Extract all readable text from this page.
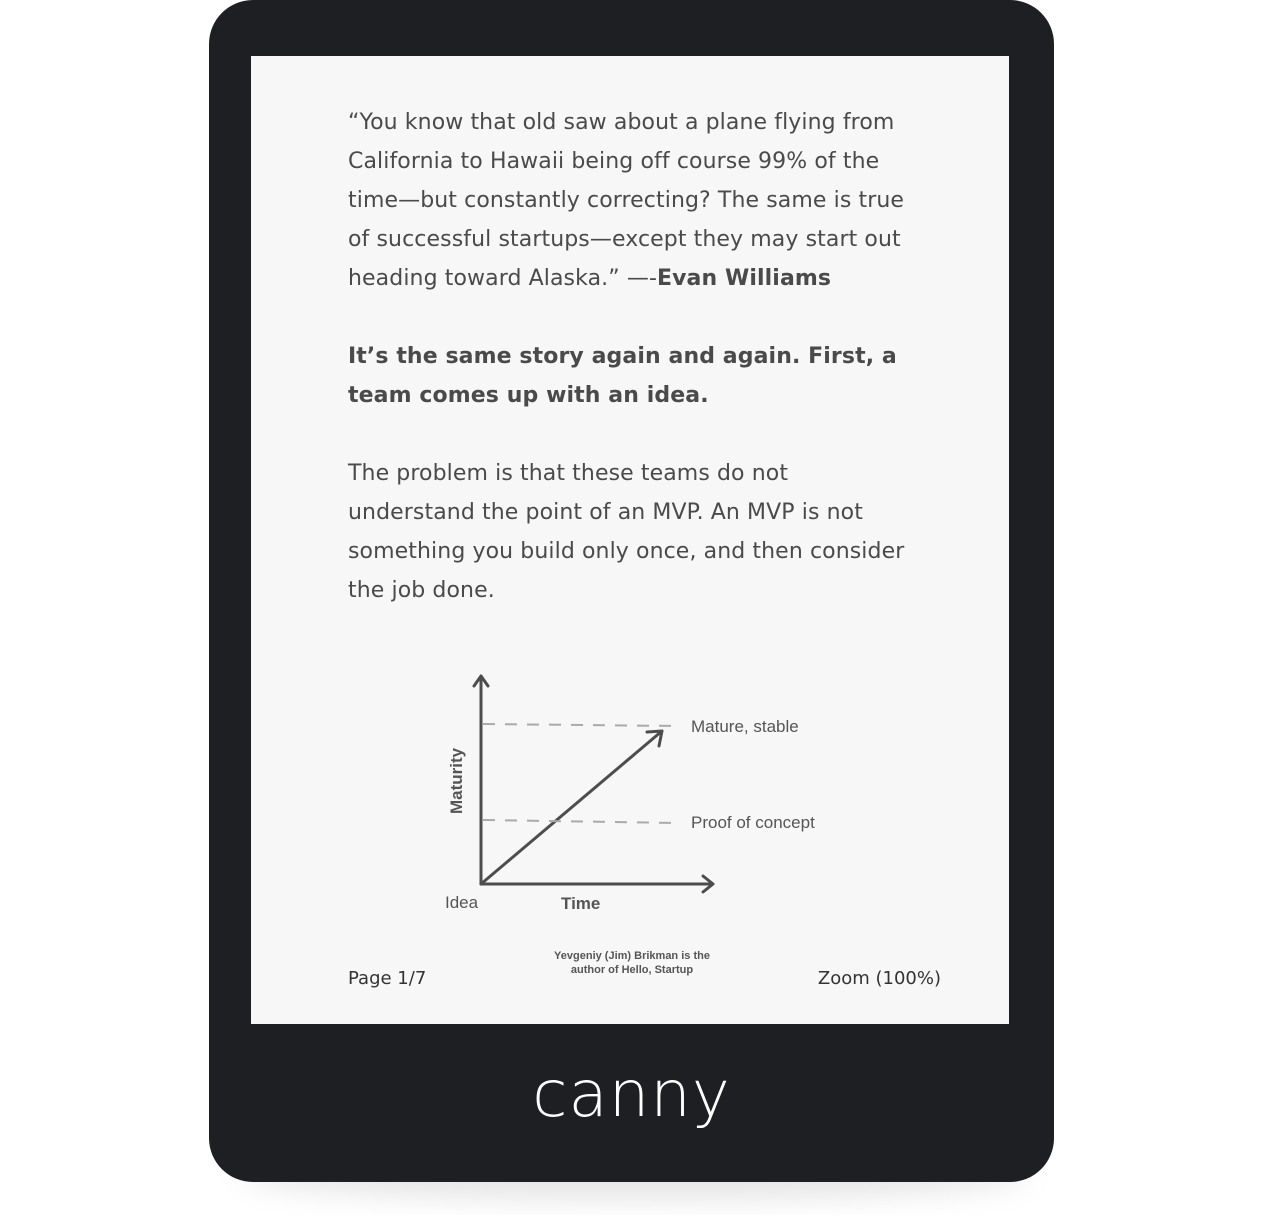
“You know that old saw about a plane flying from California to Hawaii being off course 99% of the time—but constantly correcting? The same is true of successful startups—except they may start out heading toward Alaska.” —-Evan Williams

It’s the same story again and again. First, a team comes up with an idea.

The problem is that these teams do not understand the point of an MVP. An MVP is not something you build only once, and then consider the job done.

Mature, stable
Proof of concept
Idea	Time
Maturity
Yevgeniy (Jim) Brikman is the
author of Hello, Startup
Page 1/7	Zoom (100%)
canny
